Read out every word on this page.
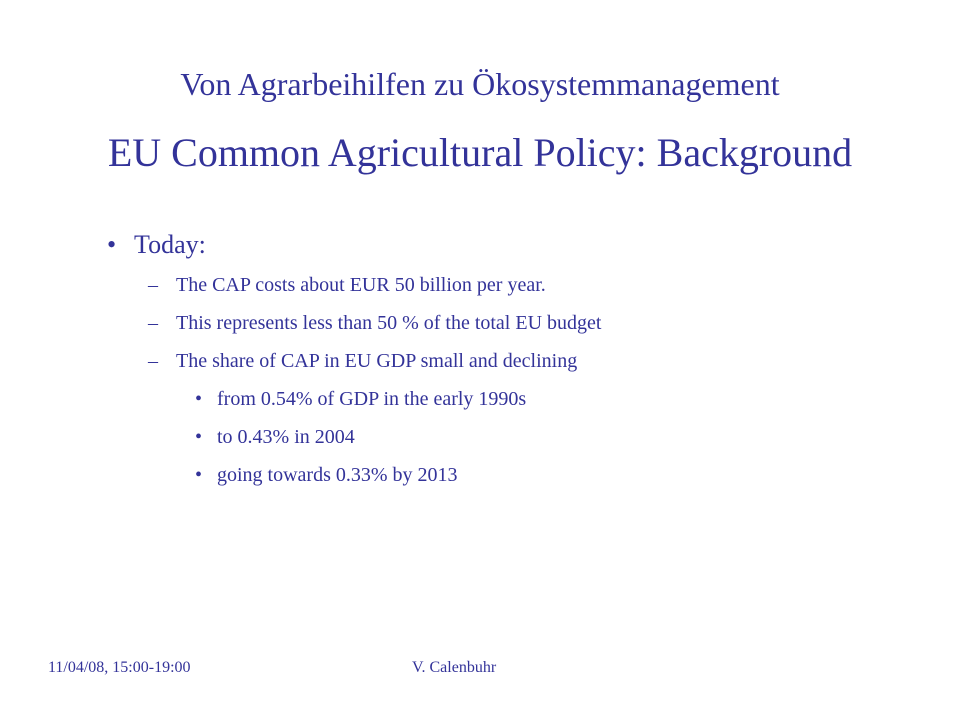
Von Agrarbeihilfen zu Ökosystemmanagement
EU Common Agricultural Policy: Background
• Today:
– The CAP costs about EUR 50 billion per year.
– This represents less than 50 % of the total EU budget
– The share of CAP in EU GDP small and declining
• from 0.54% of GDP in the early 1990s
• to 0.43% in 2004
• going towards 0.33% by 2013
11/04/08, 15:00-19:00	V. Calenbuhr
